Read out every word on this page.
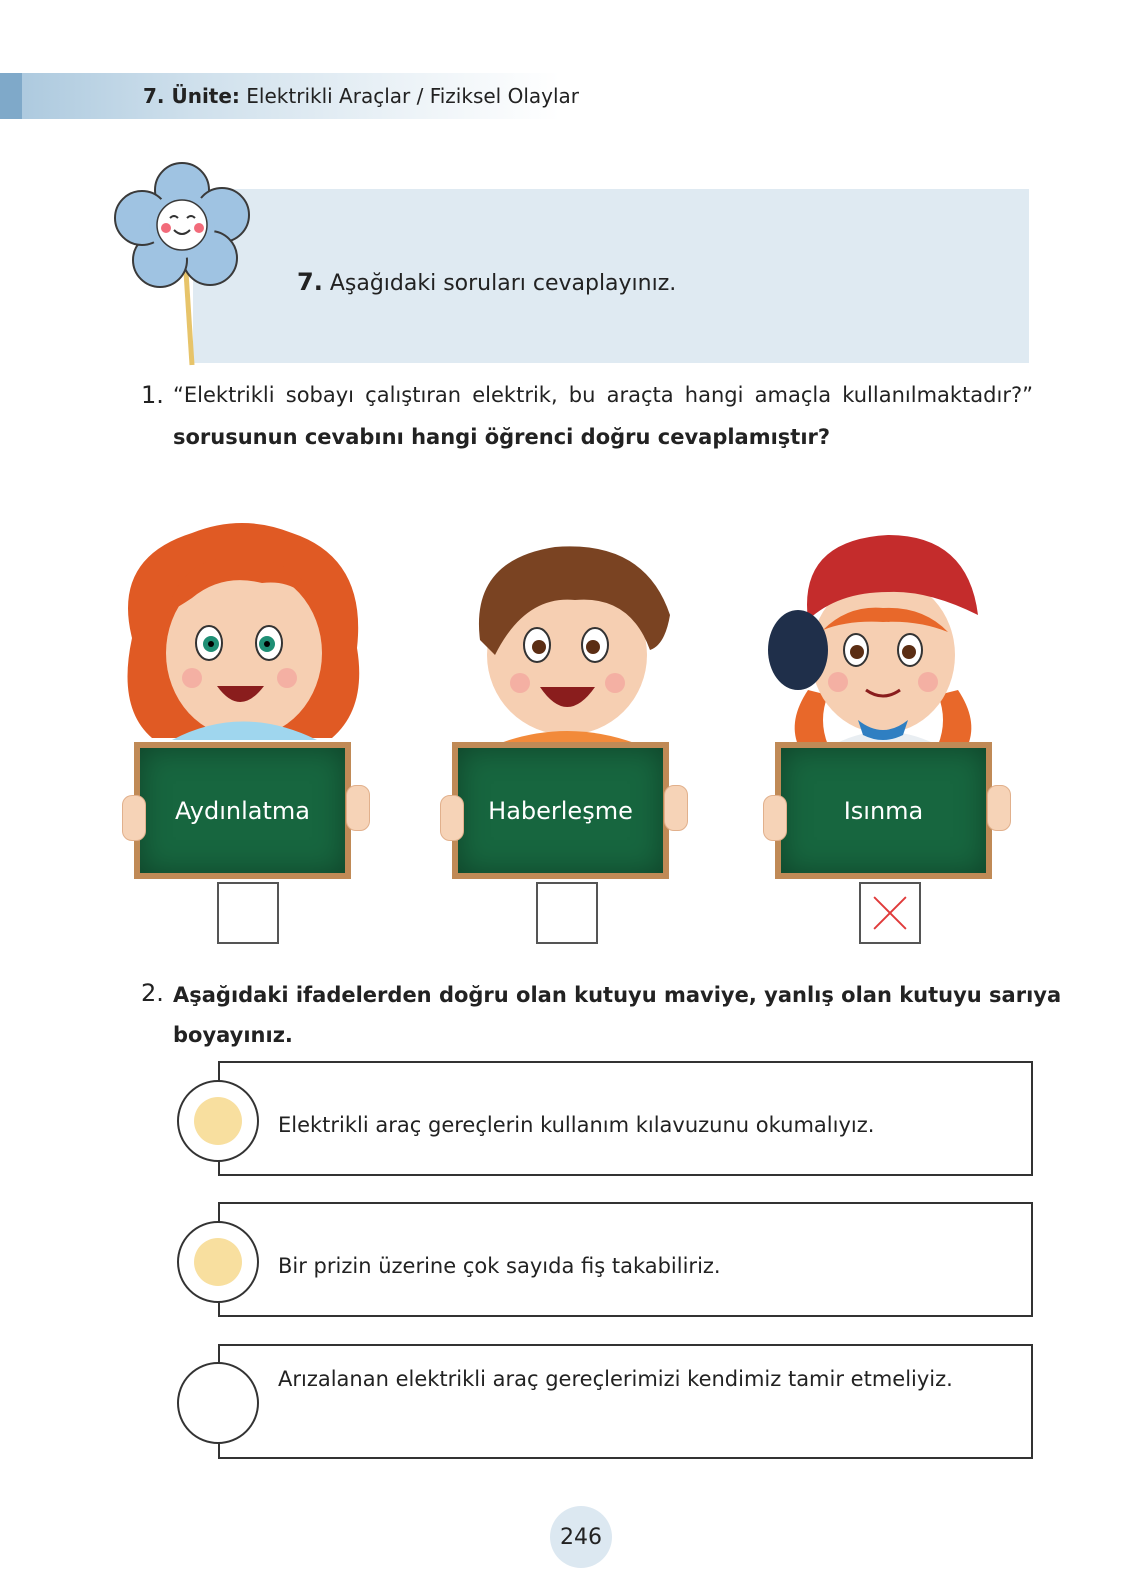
7. Ünite: Elektrikli Araçlar / Fiziksel Olaylar
7. Aşağıdaki soruları cevaplayınız.
1. “Elektrikli sobayı çalıştıran elektrik, bu araçta hangi amaçla kullanılmaktadır?”
sorusunun cevabını hangi öğrenci doğru cevaplamıştır?
Aydınlatma	Haberleşme	Isınma
2. Aşağıdaki ifadelerden doğru olan kutuyu maviye, yanlış olan kutuyu sarıya
boyayınız.
Elektrikli araç gereçlerin kullanım kılavuzunu okumalıyız.
Bir prizin üzerine çok sayıda fiş takabiliriz.
Arızalanan elektrikli araç gereçlerimizi kendimiz tamir etmeliyiz.
246
